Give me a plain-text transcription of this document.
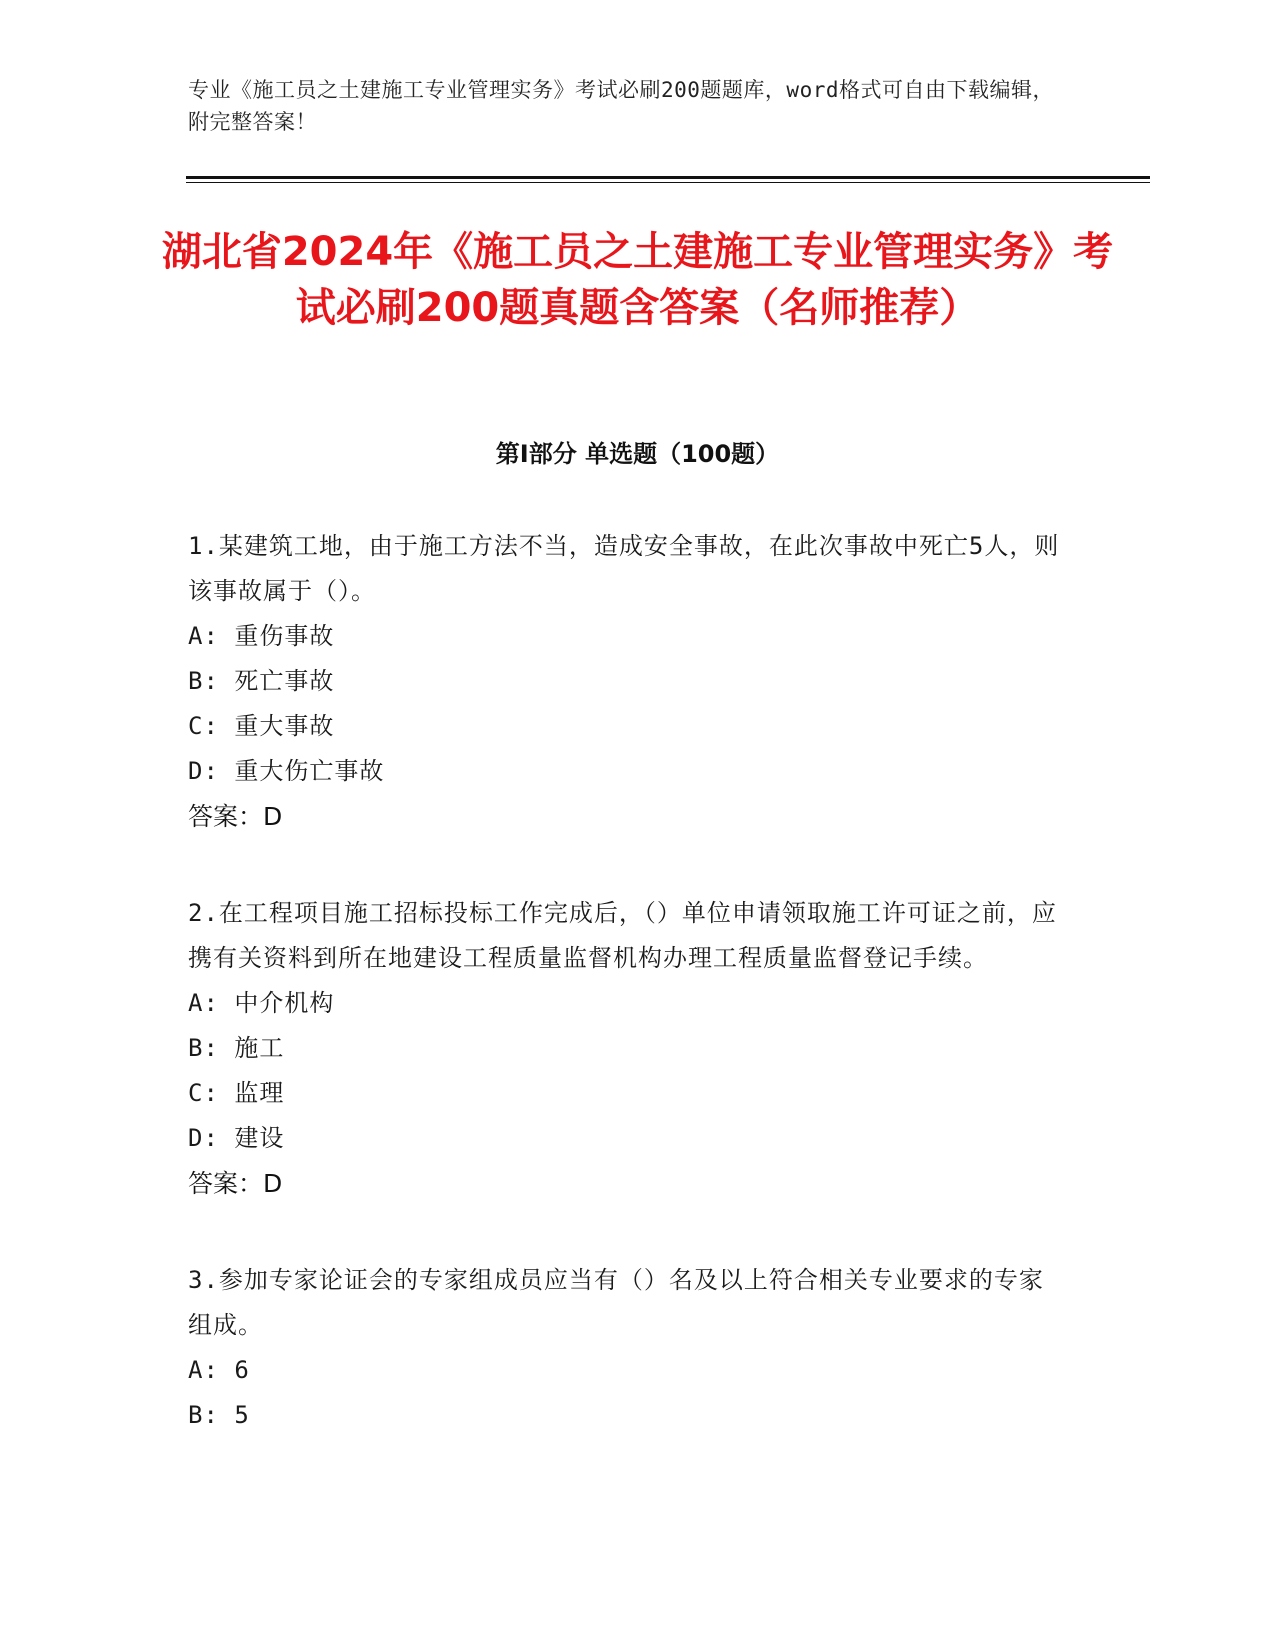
专业《施工员之土建施工专业管理实务》考试必刷200题题库，word格式可自由下载编辑，附完整答案！
湖北省2024年《施工员之土建施工专业管理实务》考试必刷200题真题含答案（名师推荐）
第I部分 单选题（100题）
1.某建筑工地，由于施工方法不当，造成安全事故，在此次事故中死亡5人，则该事故属于（）。
A: 重伤事故
B: 死亡事故
C: 重大事故
D: 重大伤亡事故
答案：D
2.在工程项目施工招标投标工作完成后，（）单位申请领取施工许可证之前，应携有关资料到所在地建设工程质量监督机构办理工程质量监督登记手续。
A: 中介机构
B: 施工
C: 监理
D: 建设
答案：D
3.参加专家论证会的专家组成员应当有（）名及以上符合相关专业要求的专家组成。
A: 6
B: 5
